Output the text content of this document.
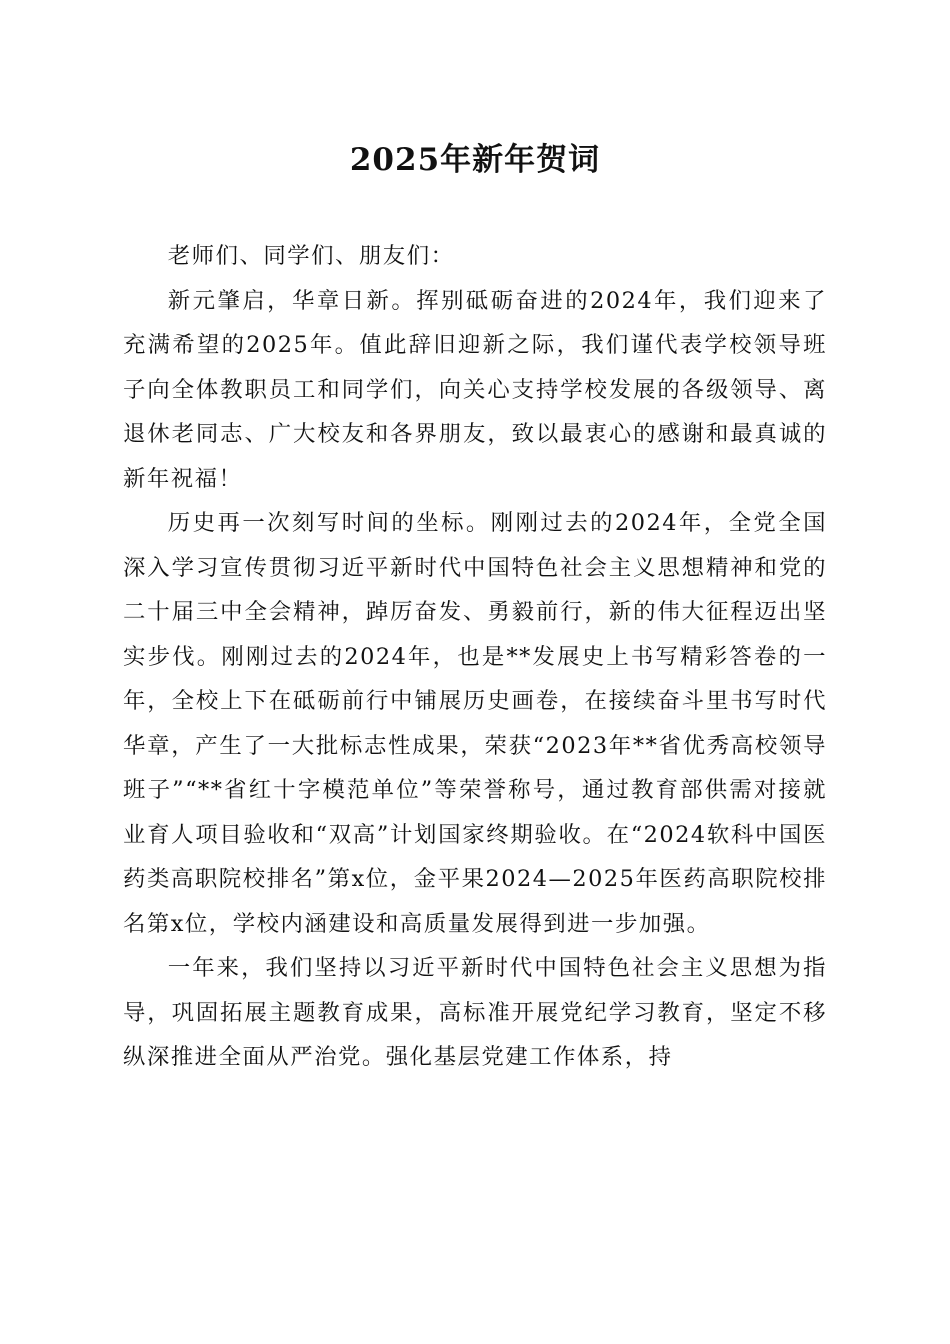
2025年新年贺词

老师们、同学们、朋友们：

新元肇启，华章日新。挥别砥砺奋进的2024年，我们迎来了充满希望的2025年。值此辞旧迎新之际，我们谨代表学校领导班子向全体教职员工和同学们，向关心支持学校发展的各级领导、离退休老同志、广大校友和各界朋友，致以最衷心的感谢和最真诚的新年祝福！

历史再一次刻写时间的坐标。刚刚过去的2024年，全党全国深入学习宣传贯彻习近平新时代中国特色社会主义思想精神和党的二十届三中全会精神，踔厉奋发、勇毅前行，新的伟大征程迈出坚实步伐。刚刚过去的2024年，也是**发展史上书写精彩答卷的一年，全校上下在砥砺前行中铺展历史画卷，在接续奋斗里书写时代华章，产生了一大批标志性成果，荣获“2023年**省优秀高校领导班子”“**省红十字模范单位”等荣誉称号，通过教育部供需对接就业育人项目验收和“双高”计划国家终期验收。在“2024软科中国医药类高职院校排名”第x位，金平果2024—2025年医药高职院校排名第x位，学校内涵建设和高质量发展得到进一步加强。

一年来，我们坚持以习近平新时代中国特色社会主义思想为指导，巩固拓展主题教育成果，高标准开展党纪学习教育，坚定不移纵深推进全面从严治党。强化基层党建工作体系，持
